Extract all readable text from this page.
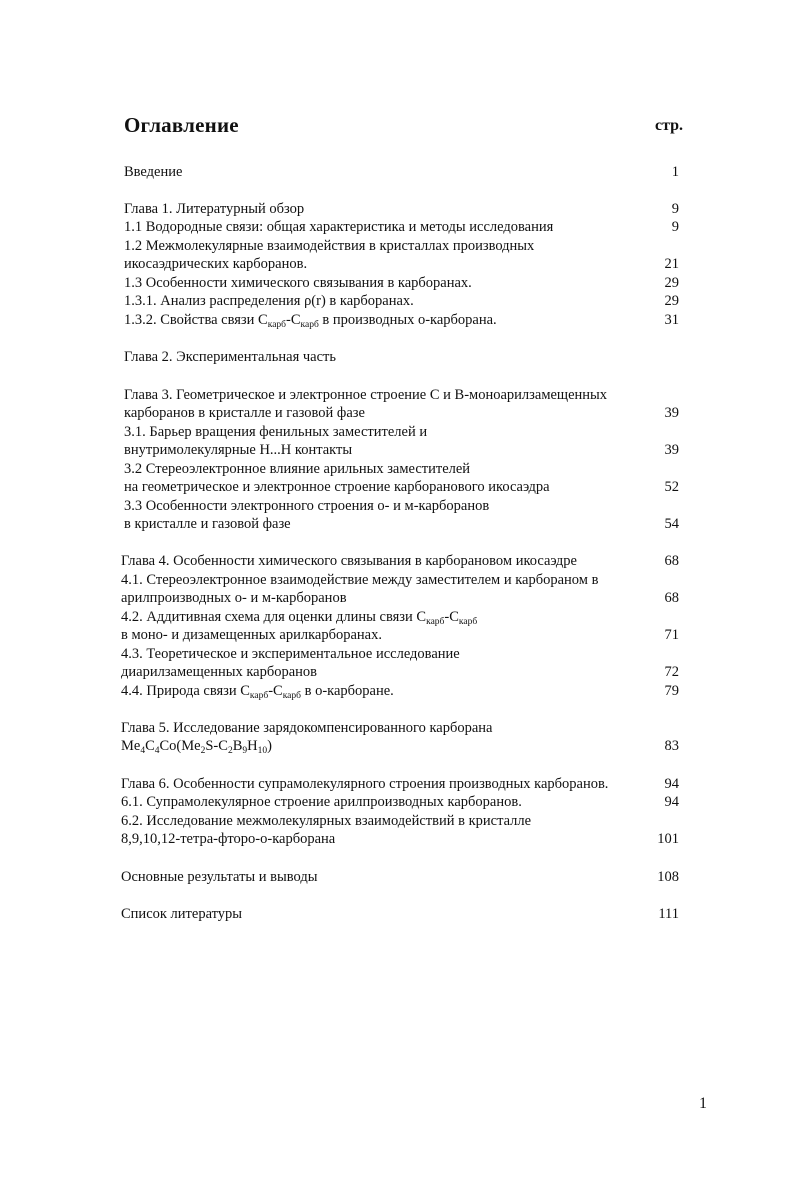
Оглавление	стр.
Введение	1
Глава 1. Литературный обзор	9
1.1 Водородные связи: общая характеристика и методы исследования	9
1.2 Межмолекулярные взаимодействия в кристаллах производных
икосаэдрических карборанов.	21
1.3 Особенности химического связывания в карборанах.	29
1.3.1. Анализ распределения ρ(r) в карборанах.	29
1.3.2. Свойства связи $C_{карб}-C_{карб}$ в производных о-карборана.	31
Глава 2. Экспериментальная часть
Глава 3. Геометрическое и электронное строение С и В-моноарилзамещенных
карборанов в кристалле и газовой фазе	39
3.1. Барьер вращения фенильных заместителей и
внутримолекулярные Н...Н контакты	39
3.2 Стереоэлектронное влияние арильных заместителей
на геометрическое и электронное строение карборанового икосаэдра	52
3.3 Особенности электронного строения о- и м-карборанов
в кристалле и газовой фазе	54
Глава 4. Особенности химического связывания в карборановом икосаэдре	68
4.1. Стереоэлектронное взаимодействие между заместителем и карбораном в
арилпроизводных о- и м-карборанов	68
4.2. Аддитивная схема для оценки длины связи $C_{карб}-C_{карб}$
в моно- и дизамещенных арилкарборанах.	71
4.3. Теоретическое и экспериментальное исследование
диарилзамещенных карборанов	72
4.4. Природа связи $C_{карб}-C_{карб}$ в о-карборане.	79
Глава 5. Исследование зарядокомпенсированного карборана
$Me_4C_4Co(Me_2S-C_2B_9H_{10})$	83
Глава 6. Особенности супрамолекулярного строения производных карборанов.	94
6.1. Супрамолекулярное строение арилпроизводных карборанов.	94
6.2. Исследование межмолекулярных взаимодействий в кристалле
8,9,10,12-тетра-фторо-о-карборана	101
Основные результаты и выводы	108
Список литературы	111
1
